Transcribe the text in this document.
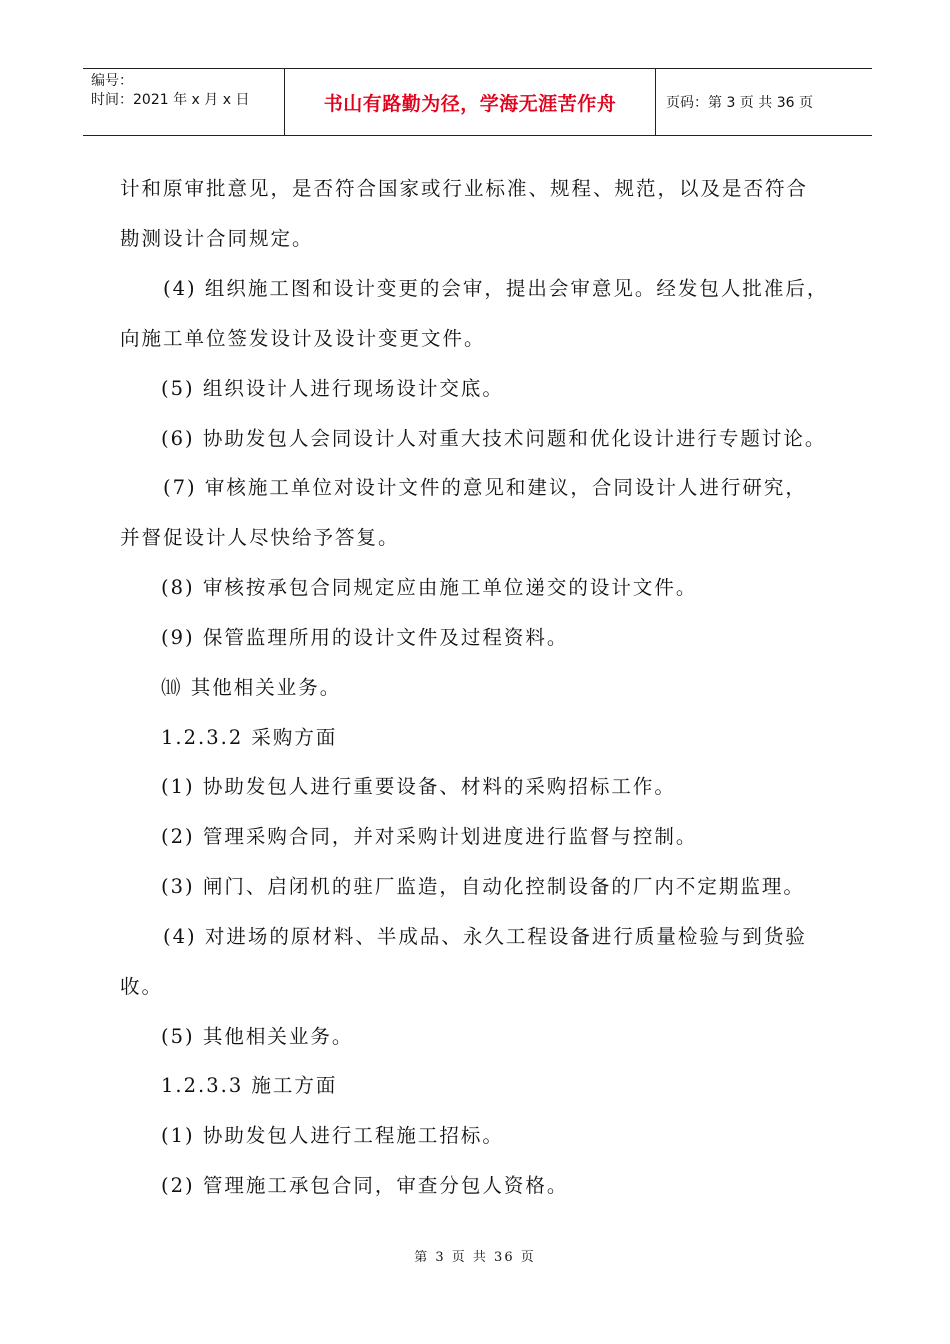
编号：
时间：2021 年 x 月 x 日	书山有路勤为径，学海无涯苦作舟	页码：第 3 页 共 36 页
计和原审批意见，是否符合国家或行业标准、规程、规范，以及是否符合
勘测设计合同规定。
(4) 组织施工图和设计变更的会审，提出会审意见。经发包人批准后，
向施工单位签发设计及设计变更文件。
(5) 组织设计人进行现场设计交底。
(6) 协助发包人会同设计人对重大技术问题和优化设计进行专题讨论。
(7) 审核施工单位对设计文件的意见和建议，合同设计人进行研究，
并督促设计人尽快给予答复。
(8) 审核按承包合同规定应由施工单位递交的设计文件。
(9) 保管监理所用的设计文件及过程资料。
⑽ 其他相关业务。
1.2.3.2 采购方面
(1) 协助发包人进行重要设备、材料的采购招标工作。
(2) 管理采购合同，并对采购计划进度进行监督与控制。
(3) 闸门、启闭机的驻厂监造，自动化控制设备的厂内不定期监理。
(4) 对进场的原材料、半成品、永久工程设备进行质量检验与到货验
收。
(5) 其他相关业务。
1.2.3.3 施工方面
(1) 协助发包人进行工程施工招标。
(2) 管理施工承包合同，审查分包人资格。
第 3 页 共 36 页
